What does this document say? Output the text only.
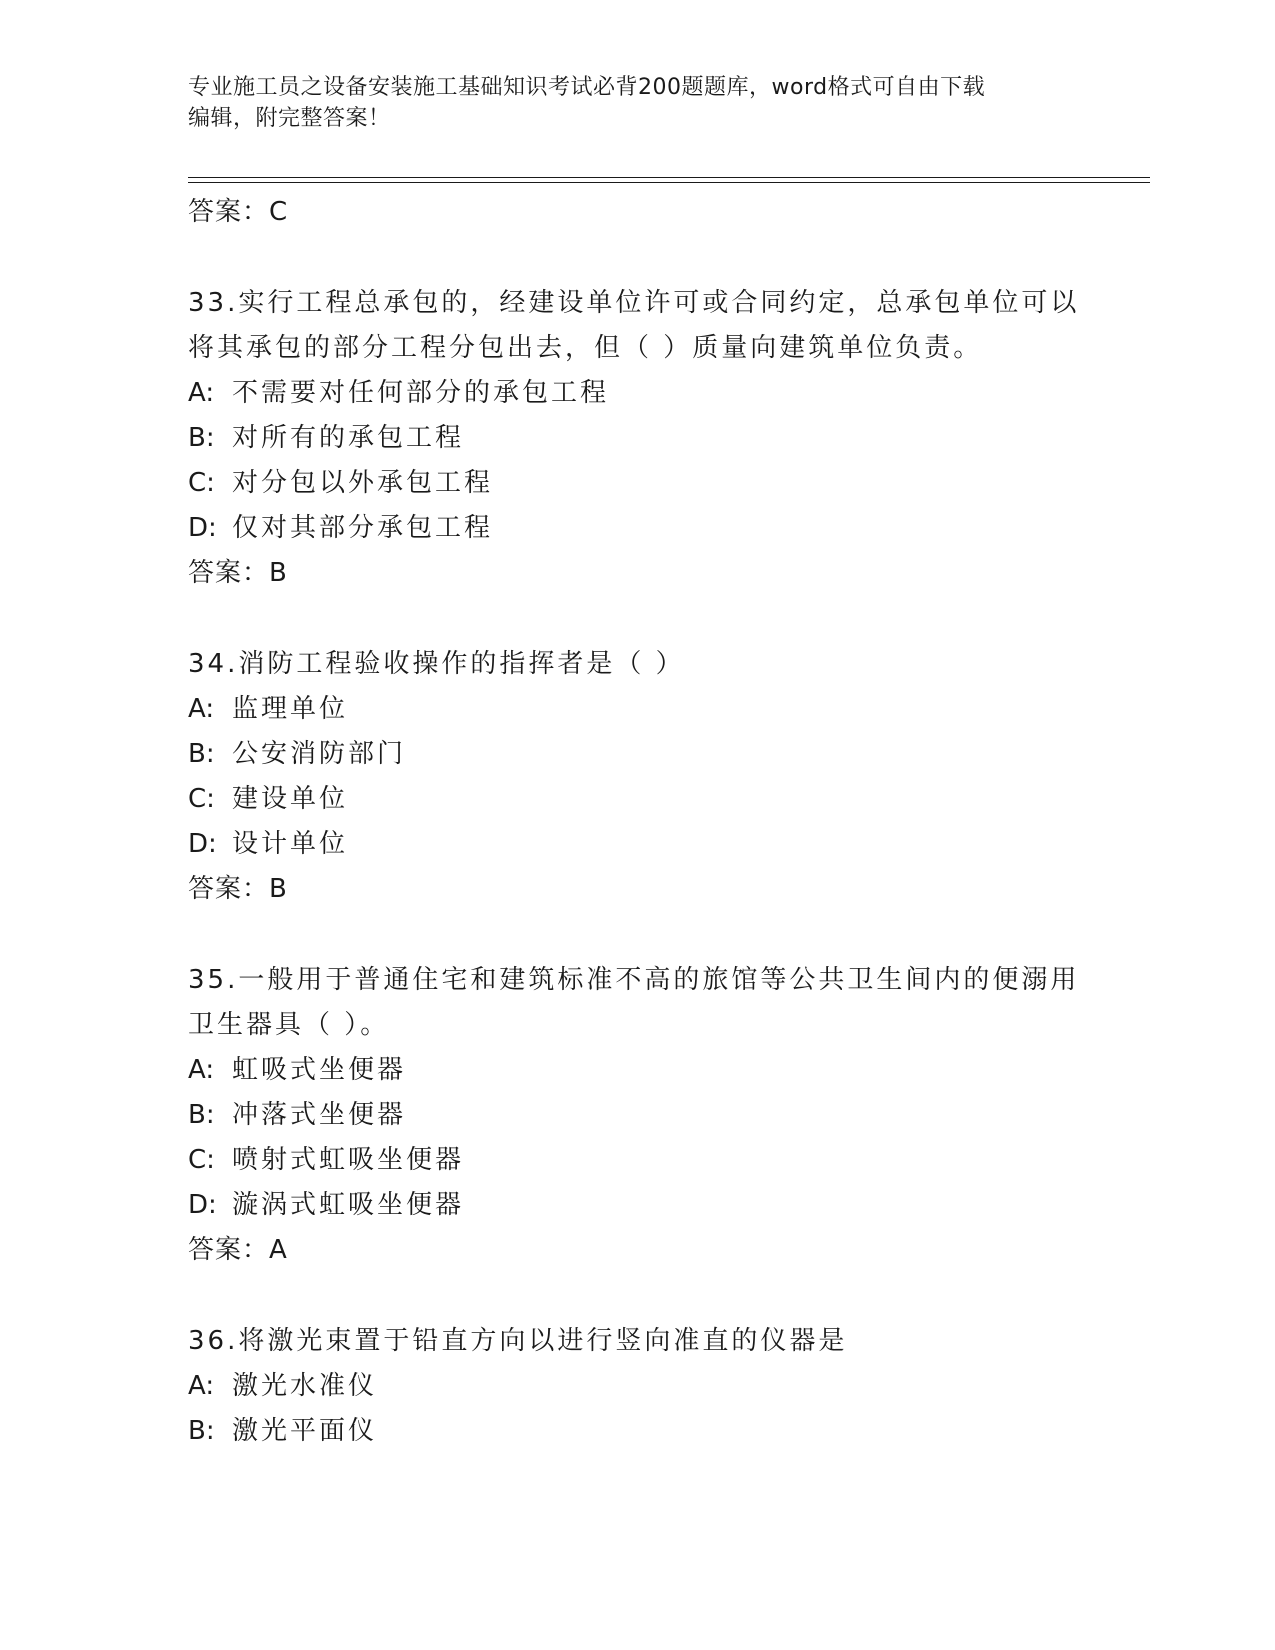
专业施工员之设备安装施工基础知识考试必背200题题库，word格式可自由下载
编辑，附完整答案！
答案：C
33.实行工程总承包的，经建设单位许可或合同约定，总承包单位可以
将其承包的部分工程分包出去，但（ ）质量向建筑单位负责。
A: 不需要对任何部分的承包工程
B: 对所有的承包工程
C: 对分包以外承包工程
D: 仅对其部分承包工程
答案：B
34.消防工程验收操作的指挥者是（ ）
A: 监理单位
B: 公安消防部门
C: 建设单位
D: 设计单位
答案：B
35.一般用于普通住宅和建筑标准不高的旅馆等公共卫生间内的便溺用
卫生器具（ ）。
A: 虹吸式坐便器
B: 冲落式坐便器
C: 喷射式虹吸坐便器
D: 漩涡式虹吸坐便器
答案：A
36.将激光束置于铅直方向以进行竖向准直的仪器是
A: 激光水准仪
B: 激光平面仪
